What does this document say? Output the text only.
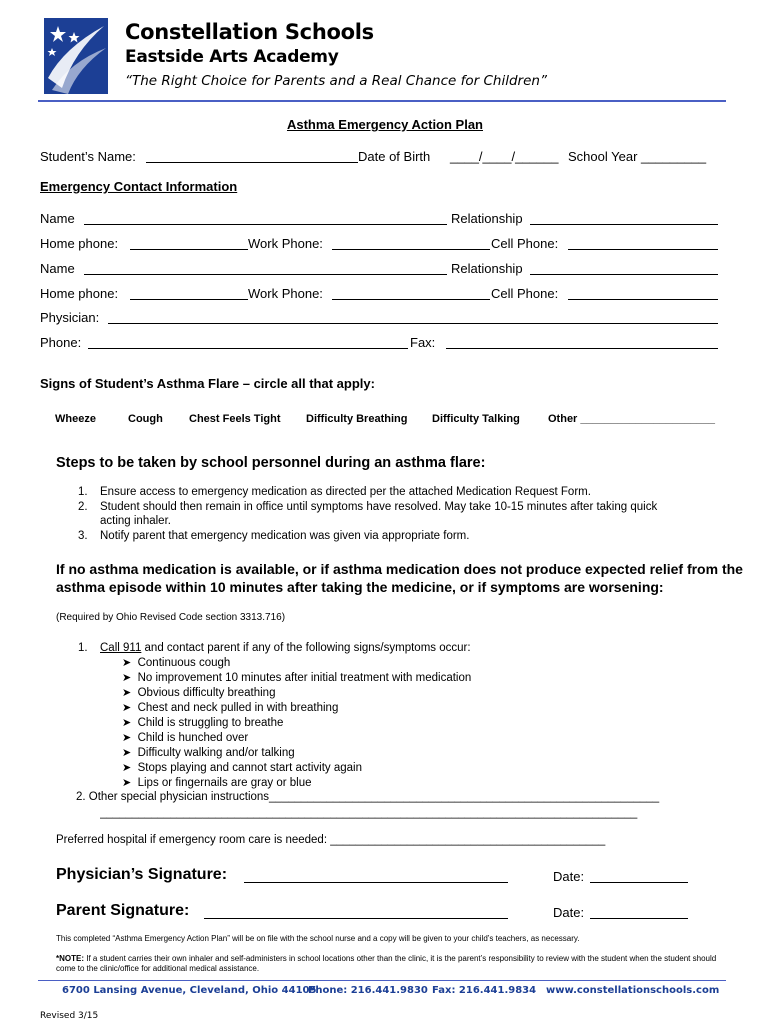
Constellation Schools
Eastside Arts Academy
“The Right Choice for Parents and a Real Chance for Children”
Asthma Emergency Action Plan
Student’s Name:	Date of Birth ____/____/______ School Year _________
Emergency Contact Information
Name	Relationship
Home phone:	Work Phone:	Cell Phone:
Name	Relationship
Home phone:	Work Phone:	Cell Phone:
Physician:
Phone:	Fax:
Signs of Student’s Asthma Flare – circle all that apply:
Wheeze	Cough Chest Feels Tight Difficulty Breathing Difficulty Talking	Other ______________________
Steps to be taken by school personnel during an asthma flare:
1. Ensure access to emergency medication as directed per the attached Medication Request Form.
2. Student should then remain in office until symptoms have resolved. May take 10-15 minutes after taking quick
acting inhaler.
3. Notify parent that emergency medication was given via appropriate form.
If no asthma medication is available, or if asthma medication does not produce expected relief from the asthma episode within 10 minutes after taking the medicine, or if symptoms are worsening:
(Required by Ohio Revised Code section 3313.716)
1. Call 911 and contact parent if any of the following signs/symptoms occur:
➤ Continuous cough
➤ No improvement 10 minutes after initial treatment with medication
➤ Obvious difficulty breathing
➤ Chest and neck pulled in with breathing
➤ Child is struggling to breathe
➤ Child is hunched over
➤ Difficulty walking and/or talking
➤ Stops playing and cannot start activity again
➤ Lips or fingernails are gray or blue
2. Other special physician instructions_____________________________________________________________
____________________________________________________________________________________
Preferred hospital if emergency room care is needed: ___________________________________________
Physician’s Signature:	Date:
Parent Signature:	Date:
This completed “Asthma Emergency Action Plan” will be on file with the school nurse and a copy will be given to your child’s teachers, as necessary.
*NOTE: If a student carries their own inhaler and self-administers in school locations other than the clinic, it is the parent’s responsibility to review with the student when the student should come to the clinic/office for additional medical assistance.
6700 Lansing Avenue, Cleveland, Ohio 44105
Phone: 216.441.9830 Fax: 216.441.9834 www.constellationschools.com
Revised 3/15
